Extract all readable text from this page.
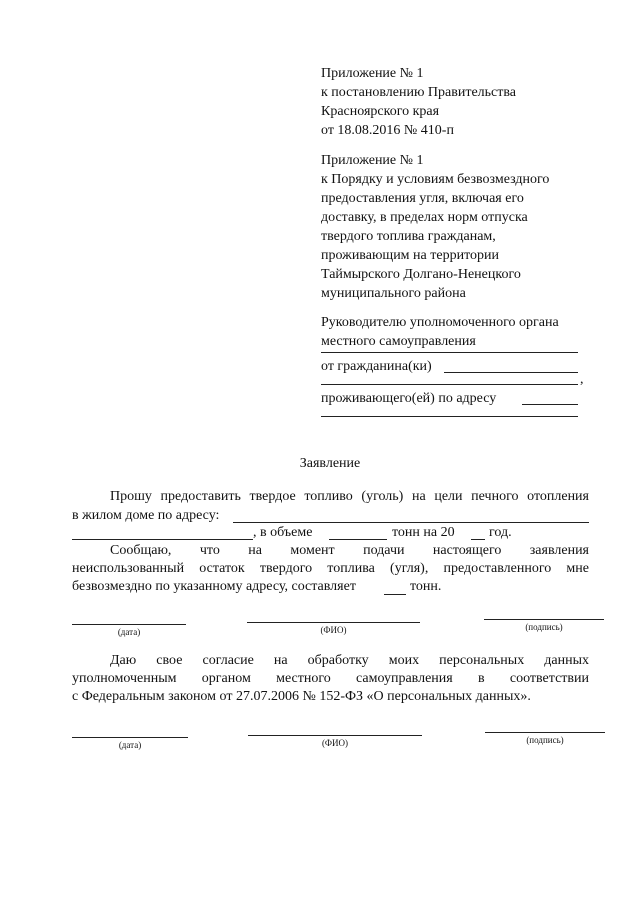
Приложение № 1
к постановлению Правительства
Красноярского края
от 18.08.2016 № 410-п
Приложение № 1
к Порядку и условиям безвозмездного
предоставления угля, включая его
доставку, в пределах норм отпуска
твердого топлива гражданам,
проживающим на территории
Таймырского Долгано-Ненецкого
муниципального района
Руководителю уполномоченного органа
местного самоуправления
от гражданина(ки)
,
проживающего(ей) по адресу
Заявление
Прошу предоставить твердое топливо (уголь) на цели печного отопления
в жилом доме по адресу:
, в объеме	тонн на 20 год.
Сообщаю, что на момент подачи настоящего заявления
неиспользованный остаток твердого топлива (угля), предоставленного мне
безвозмездно по указанному адресу, составляет	тонн.
(дата)	(ФИО)	(подпись)
Даю свое согласие на обработку моих персональных данных
уполномоченным органом местного самоуправления в соответствии
с Федеральным законом от 27.07.2006 № 152-ФЗ «О персональных данных».
(дата)	(ФИО)	(подпись)
